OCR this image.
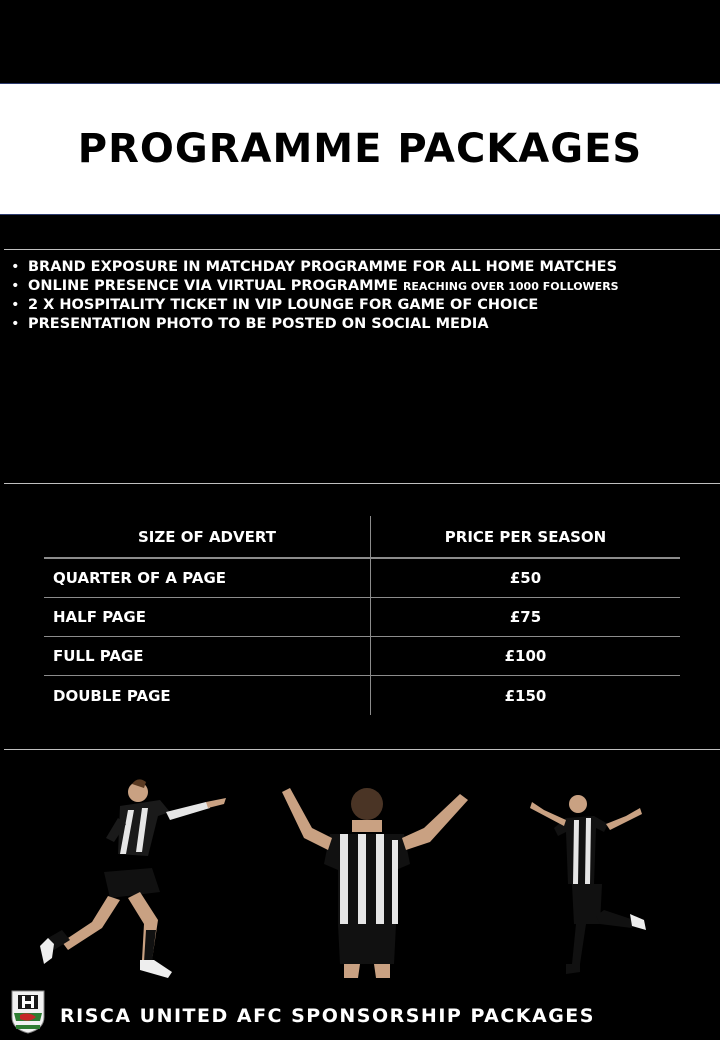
PROGRAMME PACKAGES
• BRAND EXPOSURE IN MATCHDAY PROGRAMME FOR ALL HOME MATCHES
• ONLINE PRESENCE VIA VIRTUAL PROGRAMME REACHING OVER 1000 FOLLOWERS
• 2 X HOSPITALITY TICKET IN VIP LOUNGE FOR GAME OF CHOICE
• PRESENTATION PHOTO TO BE POSTED ON SOCIAL MEDIA
SIZE OF ADVERT	PRICE PER SEASON
QUARTER OF A PAGE	£50
HALF PAGE	£75
FULL PAGE	£100
DOUBLE PAGE	£150
RISCA UNITED AFC SPONSORSHIP PACKAGES
